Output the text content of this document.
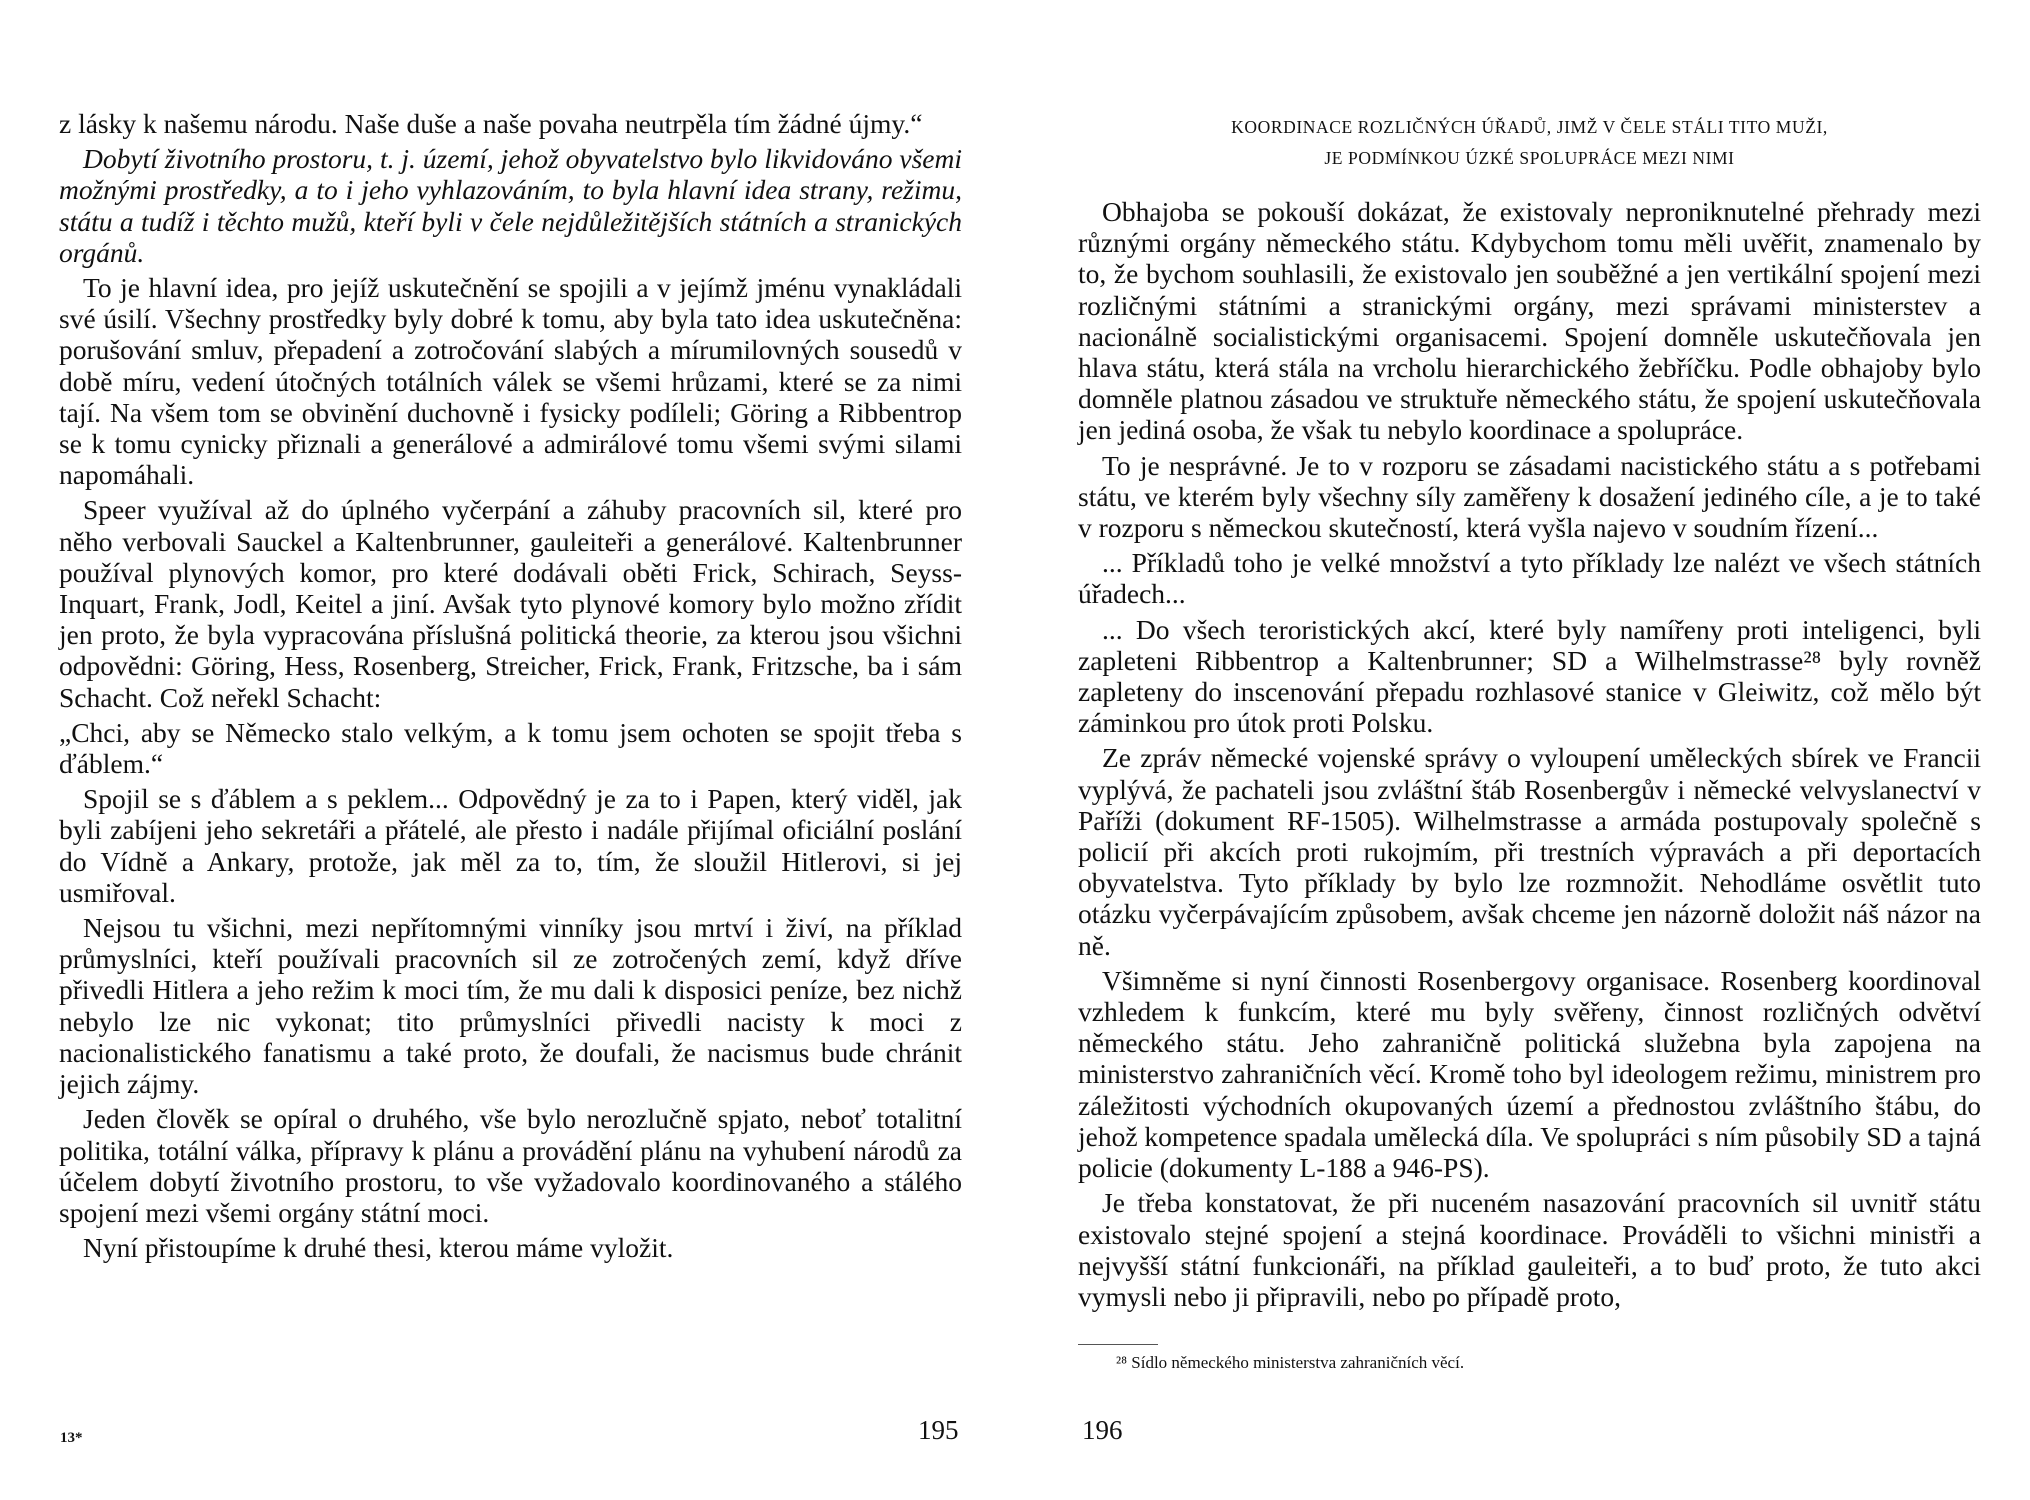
z lásky k našemu národu. Naše duše a naše povaha neutrpěla tím žádné újmy.“

Dobytí životního prostoru, t. j. území, jehož obyvatelstvo bylo likvidováno všemi možnými prostředky, a to i jeho vyhlazováním, to byla hlavní idea strany, režimu, státu a tudíž i těchto mužů, kteří byli v čele nejdůležitějších státních a stranických orgánů.

To je hlavní idea, pro jejíž uskutečnění se spojili a v jejímž jménu vynakládali své úsilí. Všechny prostředky byly dobré k tomu, aby byla tato idea uskutečněna: porušování smluv, přepadení a zotročování slabých a mírumilovných sousedů v době míru, vedení útočných totálních válek se všemi hrůzami, které se za nimi tají. Na všem tom se obvinění duchovně i fysicky podíleli; Göring a Ribbentrop se k tomu cynicky přiznali a generálové a admirálové tomu všemi svými silami napomáhali.

Speer využíval až do úplného vyčerpání a záhuby pracovních sil, které pro něho verbovali Sauckel a Kaltenbrunner, gauleiteři a generálové. Kaltenbrunner používal plynových komor, pro které dodávali oběti Frick, Schirach, Seyss-Inquart, Frank, Jodl, Keitel a jiní. Avšak tyto plynové komory bylo možno zřídit jen proto, že byla vypracována příslušná politická theorie, za kterou jsou všichni odpovědni: Göring, Hess, Rosenberg, Streicher, Frick, Frank, Fritzsche, ba i sám Schacht. Což neřekl Schacht:

„Chci, aby se Německo stalo velkým, a k tomu jsem ochoten se spojit třeba s ďáblem.“

Spojil se s ďáblem a s peklem... Odpovědný je za to i Papen, který viděl, jak byli zabíjeni jeho sekretáři a přátelé, ale přesto i nadále přijímal oficiální poslání do Vídně a Ankary, protože, jak měl za to, tím, že sloužil Hitlerovi, si jej usmiřoval.

Nejsou tu všichni, mezi nepřítomnými vinníky jsou mrtví i živí, na příklad průmyslníci, kteří používali pracovních sil ze zotročených zemí, když dříve přivedli Hitlera a jeho režim k moci tím, že mu dali k disposici peníze, bez nichž nebylo lze nic vykonat; tito průmyslníci přivedli nacisty k moci z nacionalistického fanatismu a také proto, že doufali, že nacismus bude chránit jejich zájmy.

Jeden člověk se opíral o druhého, vše bylo nerozlučně spjato, neboť totalitní politika, totální válka, přípravy k plánu a provádění plánu na vyhubení národů za účelem dobytí životního prostoru, to vše vyžadovalo koordinovaného a stálého spojení mezi všemi orgány státní moci.

Nyní přistoupíme k druhé thesi, kterou máme vyložit.

13*	195
KOORDINACE ROZLIČNÝCH ÚŘADŮ, JIMŽ V ČELE STÁLI TITO MUŽI,
JE PODMÍNKOU ÚZKÉ SPOLUPRÁCE MEZI NIMI

Obhajoba se pokouší dokázat, že existovaly neproniknutelné přehrady mezi různými orgány německého státu. Kdybychom tomu měli uvěřit, znamenalo by to, že bychom souhlasili, že existovalo jen souběžné a jen vertikální spojení mezi rozličnými státními a stranickými orgány, mezi správami ministerstev a nacionálně socialistickými organisacemi. Spojení domněle uskutečňovala jen hlava státu, která stála na vrcholu hierarchického žebříčku. Podle obhajoby bylo domněle platnou zásadou ve struktuře německého státu, že spojení uskutečňovala jen jediná osoba, že však tu nebylo koordinace a spolupráce.

To je nesprávné. Je to v rozporu se zásadami nacistického státu a s potřebami státu, ve kterém byly všechny síly zaměřeny k dosažení jediného cíle, a je to také v rozporu s německou skutečností, která vyšla najevo v soudním řízení...

... Příkladů toho je velké množství a tyto příklady lze nalézt ve všech státních úřadech...

... Do všech teroristických akcí, které byly namířeny proti inteligenci, byli zapleteni Ribbentrop a Kaltenbrunner; SD a Wilhelmstrasse²⁸ byly rovněž zapleteny do inscenování přepadu rozhlasové stanice v Gleiwitz, což mělo být záminkou pro útok proti Polsku.

Ze zpráv německé vojenské správy o vyloupení uměleckých sbírek ve Francii vyplývá, že pachateli jsou zvláštní štáb Rosenbergův i německé velvyslanectví v Paříži (dokument RF-1505). Wilhelmstrasse a armáda postupovaly společně s policií při akcích proti rukojmím, při trestních výpravách a při deportacích obyvatelstva. Tyto příklady by bylo lze rozmnožit. Nehodláme osvětlit tuto otázku vyčerpávajícím způsobem, avšak chceme jen názorně doložit náš názor na ně.

Všimněme si nyní činnosti Rosenbergovy organisace. Rosenberg koordinoval vzhledem k funkcím, které mu byly svěřeny, činnost rozličných odvětví německého státu. Jeho zahraničně politická služebna byla zapojena na ministerstvo zahraničních věcí. Kromě toho byl ideologem režimu, ministrem pro záležitosti východních okupovaných území a přednostou zvláštního štábu, do jehož kompetence spadala umělecká díla. Ve spolupráci s ním působily SD a tajná policie (dokumenty L-188 a 946-PS).

Je třeba konstatovat, že při nuceném nasazování pracovních sil uvnitř státu existovalo stejné spojení a stejná koordinace. Prováděli to všichni ministři a nejvyšší státní funkcionáři, na příklad gauleiteři, a to buď proto, že tuto akci vymysli nebo ji připravili, nebo po případě proto,

196
²⁸ Sídlo německého ministerstva zahraničních věcí.
